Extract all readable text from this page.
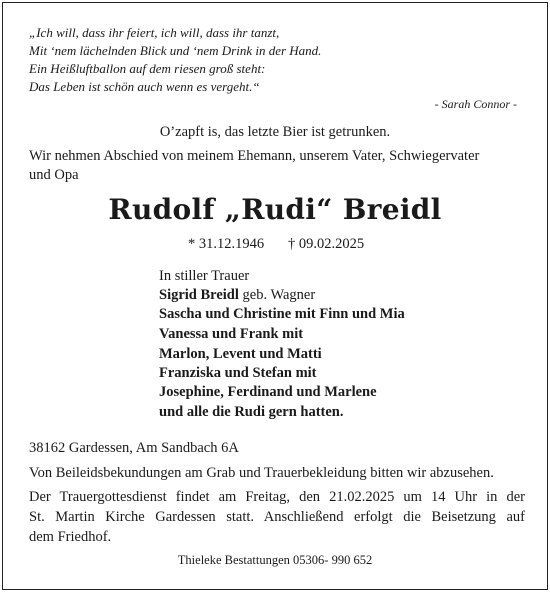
„Ich will, dass ihr feiert, ich will, dass ihr tanzt,
Mit ‘nem lächelnden Blick und ‘nem Drink in der Hand.
Ein Heißluftballon auf dem riesen groß steht:
Das Leben ist schön auch wenn es vergeht.“
- Sarah Connor -
O’zapft is, das letzte Bier ist getrunken.
Wir nehmen Abschied von meinem Ehemann, unserem Vater, Schwiegervater
und Opa
Rudolf „Rudi“ Breidl
* 31.12.1946 † 09.02.2025
In stiller Trauer
Sigrid Breidl geb. Wagner
Sascha und Christine mit Finn und Mia
Vanessa und Frank mit
Marlon, Levent und Matti
Franziska und Stefan mit
Josephine, Ferdinand und Marlene
und alle die Rudi gern hatten.
38162 Gardessen, Am Sandbach 6A
Von Beileidsbekundungen am Grab und Trauerbekleidung bitten wir abzusehen.
Der Trauergottesdienst findet am Freitag, den 21.02.2025 um 14 Uhr in der
St. Martin Kirche Gardessen statt. Anschließend erfolgt die Beisetzung auf
dem Friedhof.
Thieleke Bestattungen 05306- 990 652
